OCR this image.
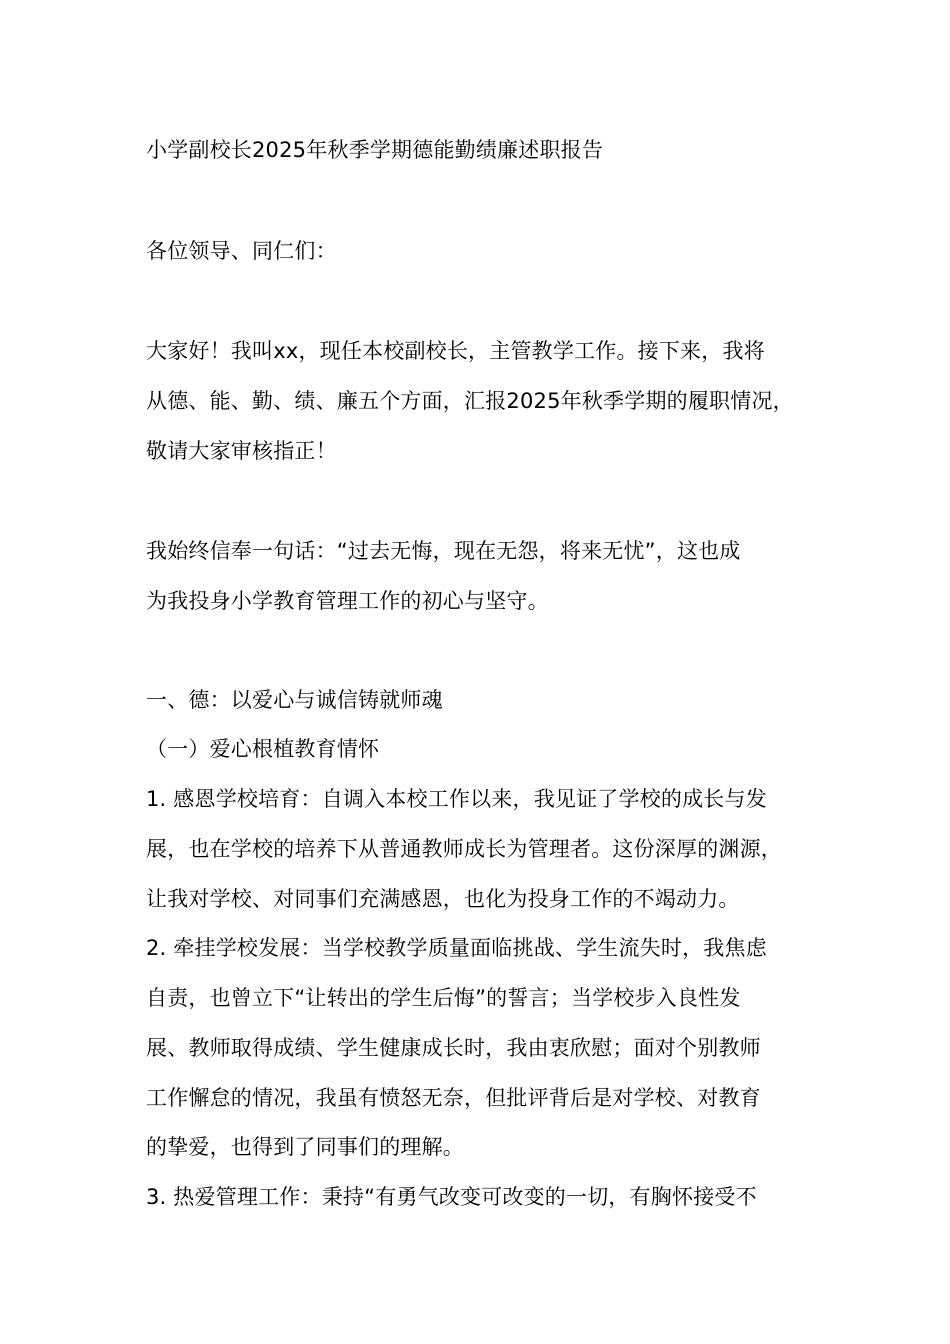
小学副校长2025年秋季学期德能勤绩廉述职报告
各位领导、同仁们：
大家好！我叫xx，现任本校副校长，主管教学工作。接下来，我将
从德、能、勤、绩、廉五个方面，汇报2025年秋季学期的履职情况，
敬请大家审核指正！
我始终信奉一句话：“过去无悔，现在无怨，将来无忧”，这也成
为我投身小学教育管理工作的初心与坚守。
一、德：以爱心与诚信铸就师魂
（一）爱心根植教育情怀
1. 感恩学校培育：自调入本校工作以来，我见证了学校的成长与发
展，也在学校的培养下从普通教师成长为管理者。这份深厚的渊源，
让我对学校、对同事们充满感恩，也化为投身工作的不竭动力。
2. 牵挂学校发展：当学校教学质量面临挑战、学生流失时，我焦虑
自责，也曾立下“让转出的学生后悔”的誓言；当学校步入良性发
展、教师取得成绩、学生健康成长时，我由衷欣慰；面对个别教师
工作懈怠的情况，我虽有愤怒无奈，但批评背后是对学校、对教育
的挚爱，也得到了同事们的理解。
3. 热爱管理工作：秉持“有勇气改变可改变的一切，有胸怀接受不
